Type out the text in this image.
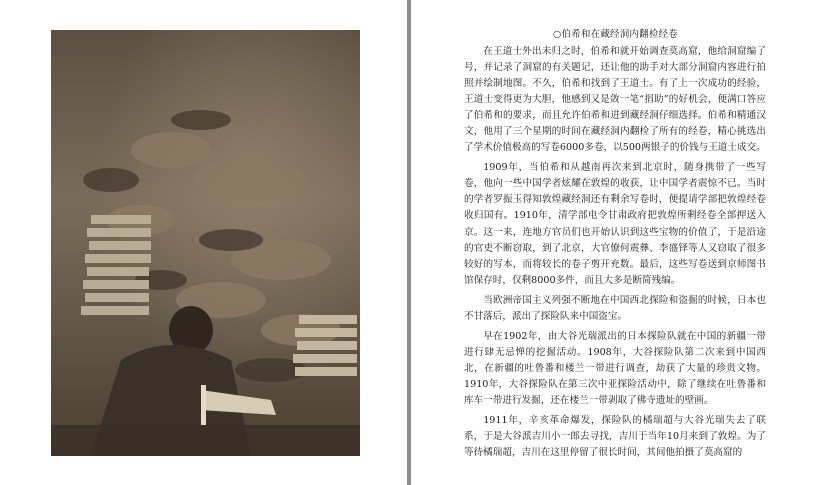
○伯希和在藏经洞内翻检经卷

在王道士外出未归之时，伯希和就开始调查莫高窟，他给洞窟编了号，并记录了洞窟的有关题记，还让他的助手对大部分洞窟内容进行拍照并绘制地图。不久，伯希和找到了王道士。有了上一次成功的经验，王道士变得更为大胆，他感到又是敛一笔“捐助”的好机会，便满口答应了伯希和的要求，而且允许伯希和进到藏经洞仔细选择。伯希和精通汉文，他用了三个星期的时间在藏经洞内翻检了所有的经卷，精心挑选出了学术价值极高的写卷6000多卷，以500两银子的价钱与王道士成交。

1909年，当伯希和从越南再次来到北京时，随身携带了一些写卷，他向一些中国学者炫耀在敦煌的收获，让中国学者震惊不已。当时的学者罗振玉得知敦煌藏经洞还有剩余写卷时，便提请学部把敦煌经卷收归国有。1910年，清学部电令甘肃政府把敦煌所剩经卷全部押送入京。这一来，连地方官员们也开始认识到这些宝物的价值了，于是沿途的官吏不断窃取，到了北京，大官僚何震彝、李盛铎等人又窃取了很多较好的写本，而将较长的卷子剪开充数。最后，这些写卷送到京师图书馆保存时，仅剩8000多件，而且大多是断简残编。

当欧洲帝国主义列强不断地在中国西北探险和盗掘的时候，日本也不甘落后，派出了探险队来中国盗宝。

早在1902年，由大谷光瑞派出的日本探险队就在中国的新疆一带进行肆无忌惮的挖掘活动。1908年，大谷探险队第二次来到中国西北，在新疆的吐鲁番和楼兰一带进行调查，劫获了大量的珍贵文物。1910年，大谷探险队在第三次中亚探险活动中，除了继续在吐鲁番和库车一带进行发掘，还在楼兰一带剥取了佛寺遗址的壁画。

1911年，辛亥革命爆发，探险队的橘瑞超与大谷光瑞失去了联系，于是大谷派吉川小一郎去寻找，吉川于当年10月来到了敦煌。为了等待橘瑞超，吉川在这里停留了很长时间，其间他拍摄了莫高窟的
